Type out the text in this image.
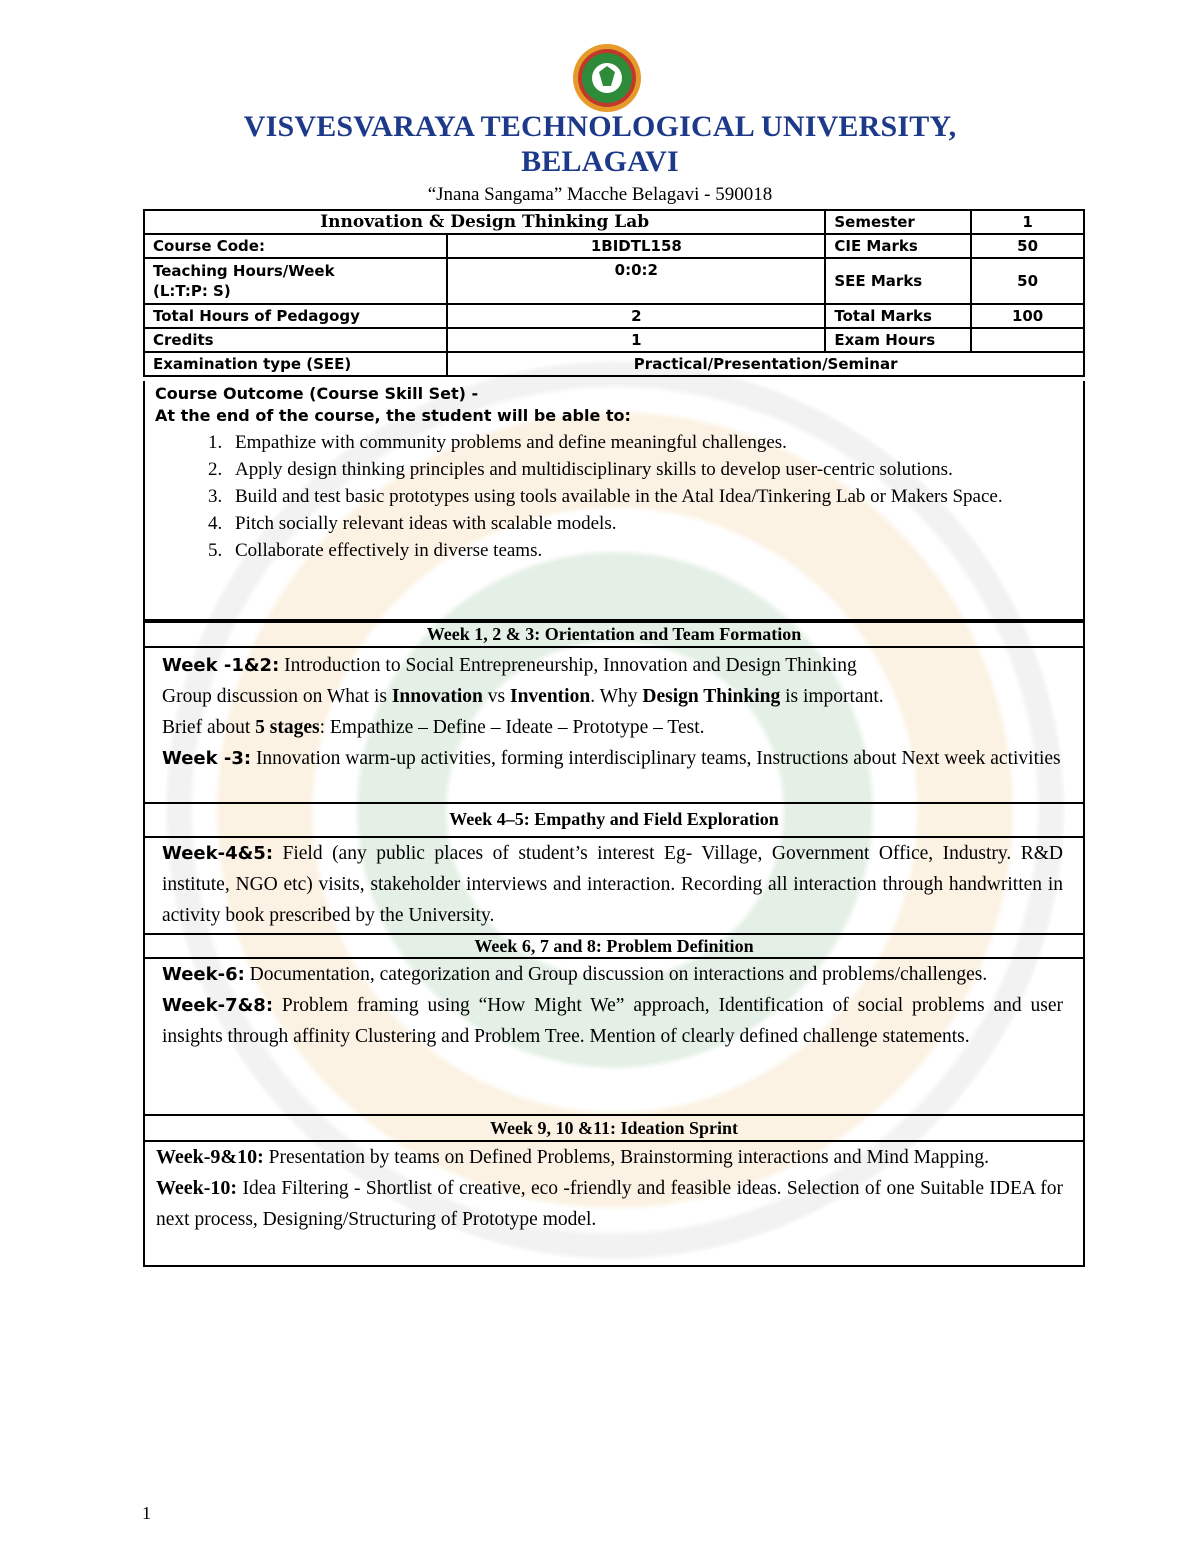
VISVESVARAYA TECHNOLOGICAL UNIVERSITY,
BELAGAVI
“Jnana Sangama” Macche Belagavi - 590018
Innovation & Design Thinking Lab		Semester	1
Course Code:	1BIDTL158	CIE Marks	50

Teaching Hours/Week
(L:T:P: S)	0:0:2	SEE Marks	50
Total Hours of Pedagogy	2	Total Marks	100
Credits	1	Exam Hours	
Examination type (SEE)	Practical/Presentation/Seminar		
Course Outcome (Course Skill Set) -
At the end of the course, the student will be able to:
1. Empathize with community problems and define meaningful challenges.
2. Apply design thinking principles and multidisciplinary skills to develop user-centric solutions.
3. Build and test basic prototypes using tools available in the Atal Idea/Tinkering Lab or Makers Space.
4. Pitch socially relevant ideas with scalable models.
5. Collaborate effectively in diverse teams.
Week 1, 2 & 3: Orientation and Team Formation

Week -1&2: Introduction to Social Entrepreneurship, Innovation and Design Thinking

Group discussion on What is Innovation vs Invention. Why Design Thinking is important.

Brief about 5 stages: Empathize – Define – Ideate – Prototype – Test.

Week -3: Innovation warm-up activities, forming interdisciplinary teams, Instructions about Next week activities

Week 4–5: Empathy and Field Exploration

Week-4&5: Field (any public places of student’s interest Eg- Village, Government Office, Industry. R&D institute, NGO etc) visits, stakeholder interviews and interaction. Recording all interaction through handwritten in activity book prescribed by the University.

Week 6, 7 and 8: Problem Definition

Week-6: Documentation, categorization and Group discussion on interactions and problems/challenges.

Week-7&8: Problem framing using “How Might We” approach, Identification of social problems and user insights through affinity Clustering and Problem Tree. Mention of clearly defined challenge statements.

Week 9, 10 &11: Ideation Sprint

Week-9&10: Presentation by teams on Defined Problems, Brainstorming interactions and Mind Mapping.

Week-10: Idea Filtering - Shortlist of creative, eco -friendly and feasible ideas. Selection of one Suitable IDEA for next process, Designing/Structuring of Prototype model.

1
